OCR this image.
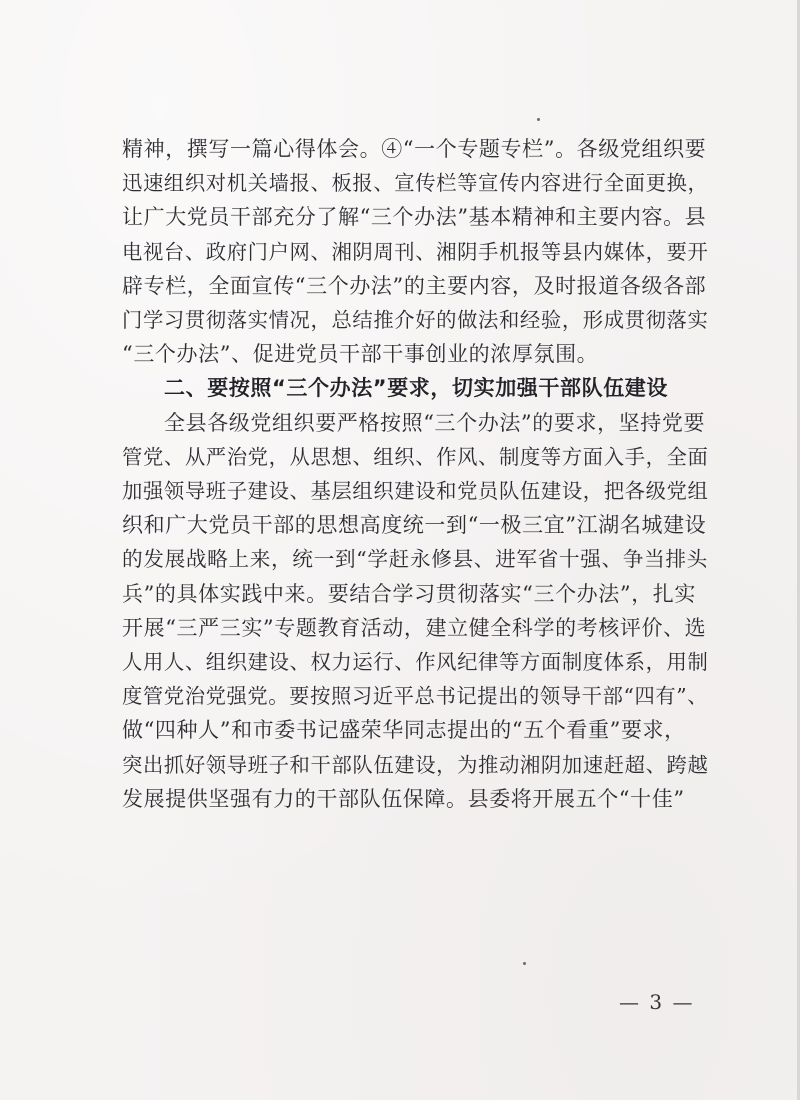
精神，撰写一篇心得体会。④“一个专题专栏”。各级党组织要
迅速组织对机关墙报、板报、宣传栏等宣传内容进行全面更换，
让广大党员干部充分了解“三个办法”基本精神和主要内容。县
电视台、政府门户网、湘阴周刊、湘阴手机报等县内媒体，要开
辟专栏，全面宣传“三个办法”的主要内容，及时报道各级各部
门学习贯彻落实情况，总结推介好的做法和经验，形成贯彻落实
“三个办法”、促进党员干部干事创业的浓厚氛围。
二、要按照“三个办法”要求，切实加强干部队伍建设
全县各级党组织要严格按照“三个办法”的要求，坚持党要
管党、从严治党，从思想、组织、作风、制度等方面入手，全面
加强领导班子建设、基层组织建设和党员队伍建设，把各级党组
织和广大党员干部的思想高度统一到“一极三宜”江湖名城建设
的发展战略上来，统一到“学赶永修县、进军省十强、争当排头
兵”的具体实践中来。要结合学习贯彻落实“三个办法”，扎实
开展“三严三实”专题教育活动，建立健全科学的考核评价、选
人用人、组织建设、权力运行、作风纪律等方面制度体系，用制
度管党治党强党。要按照习近平总书记提出的领导干部“四有”、
做“四种人”和市委书记盛荣华同志提出的“五个看重”要求，
突出抓好领导班子和干部队伍建设，为推动湘阴加速赶超、跨越
发展提供坚强有力的干部队伍保障。县委将开展五个“十佳”
— 3 —
